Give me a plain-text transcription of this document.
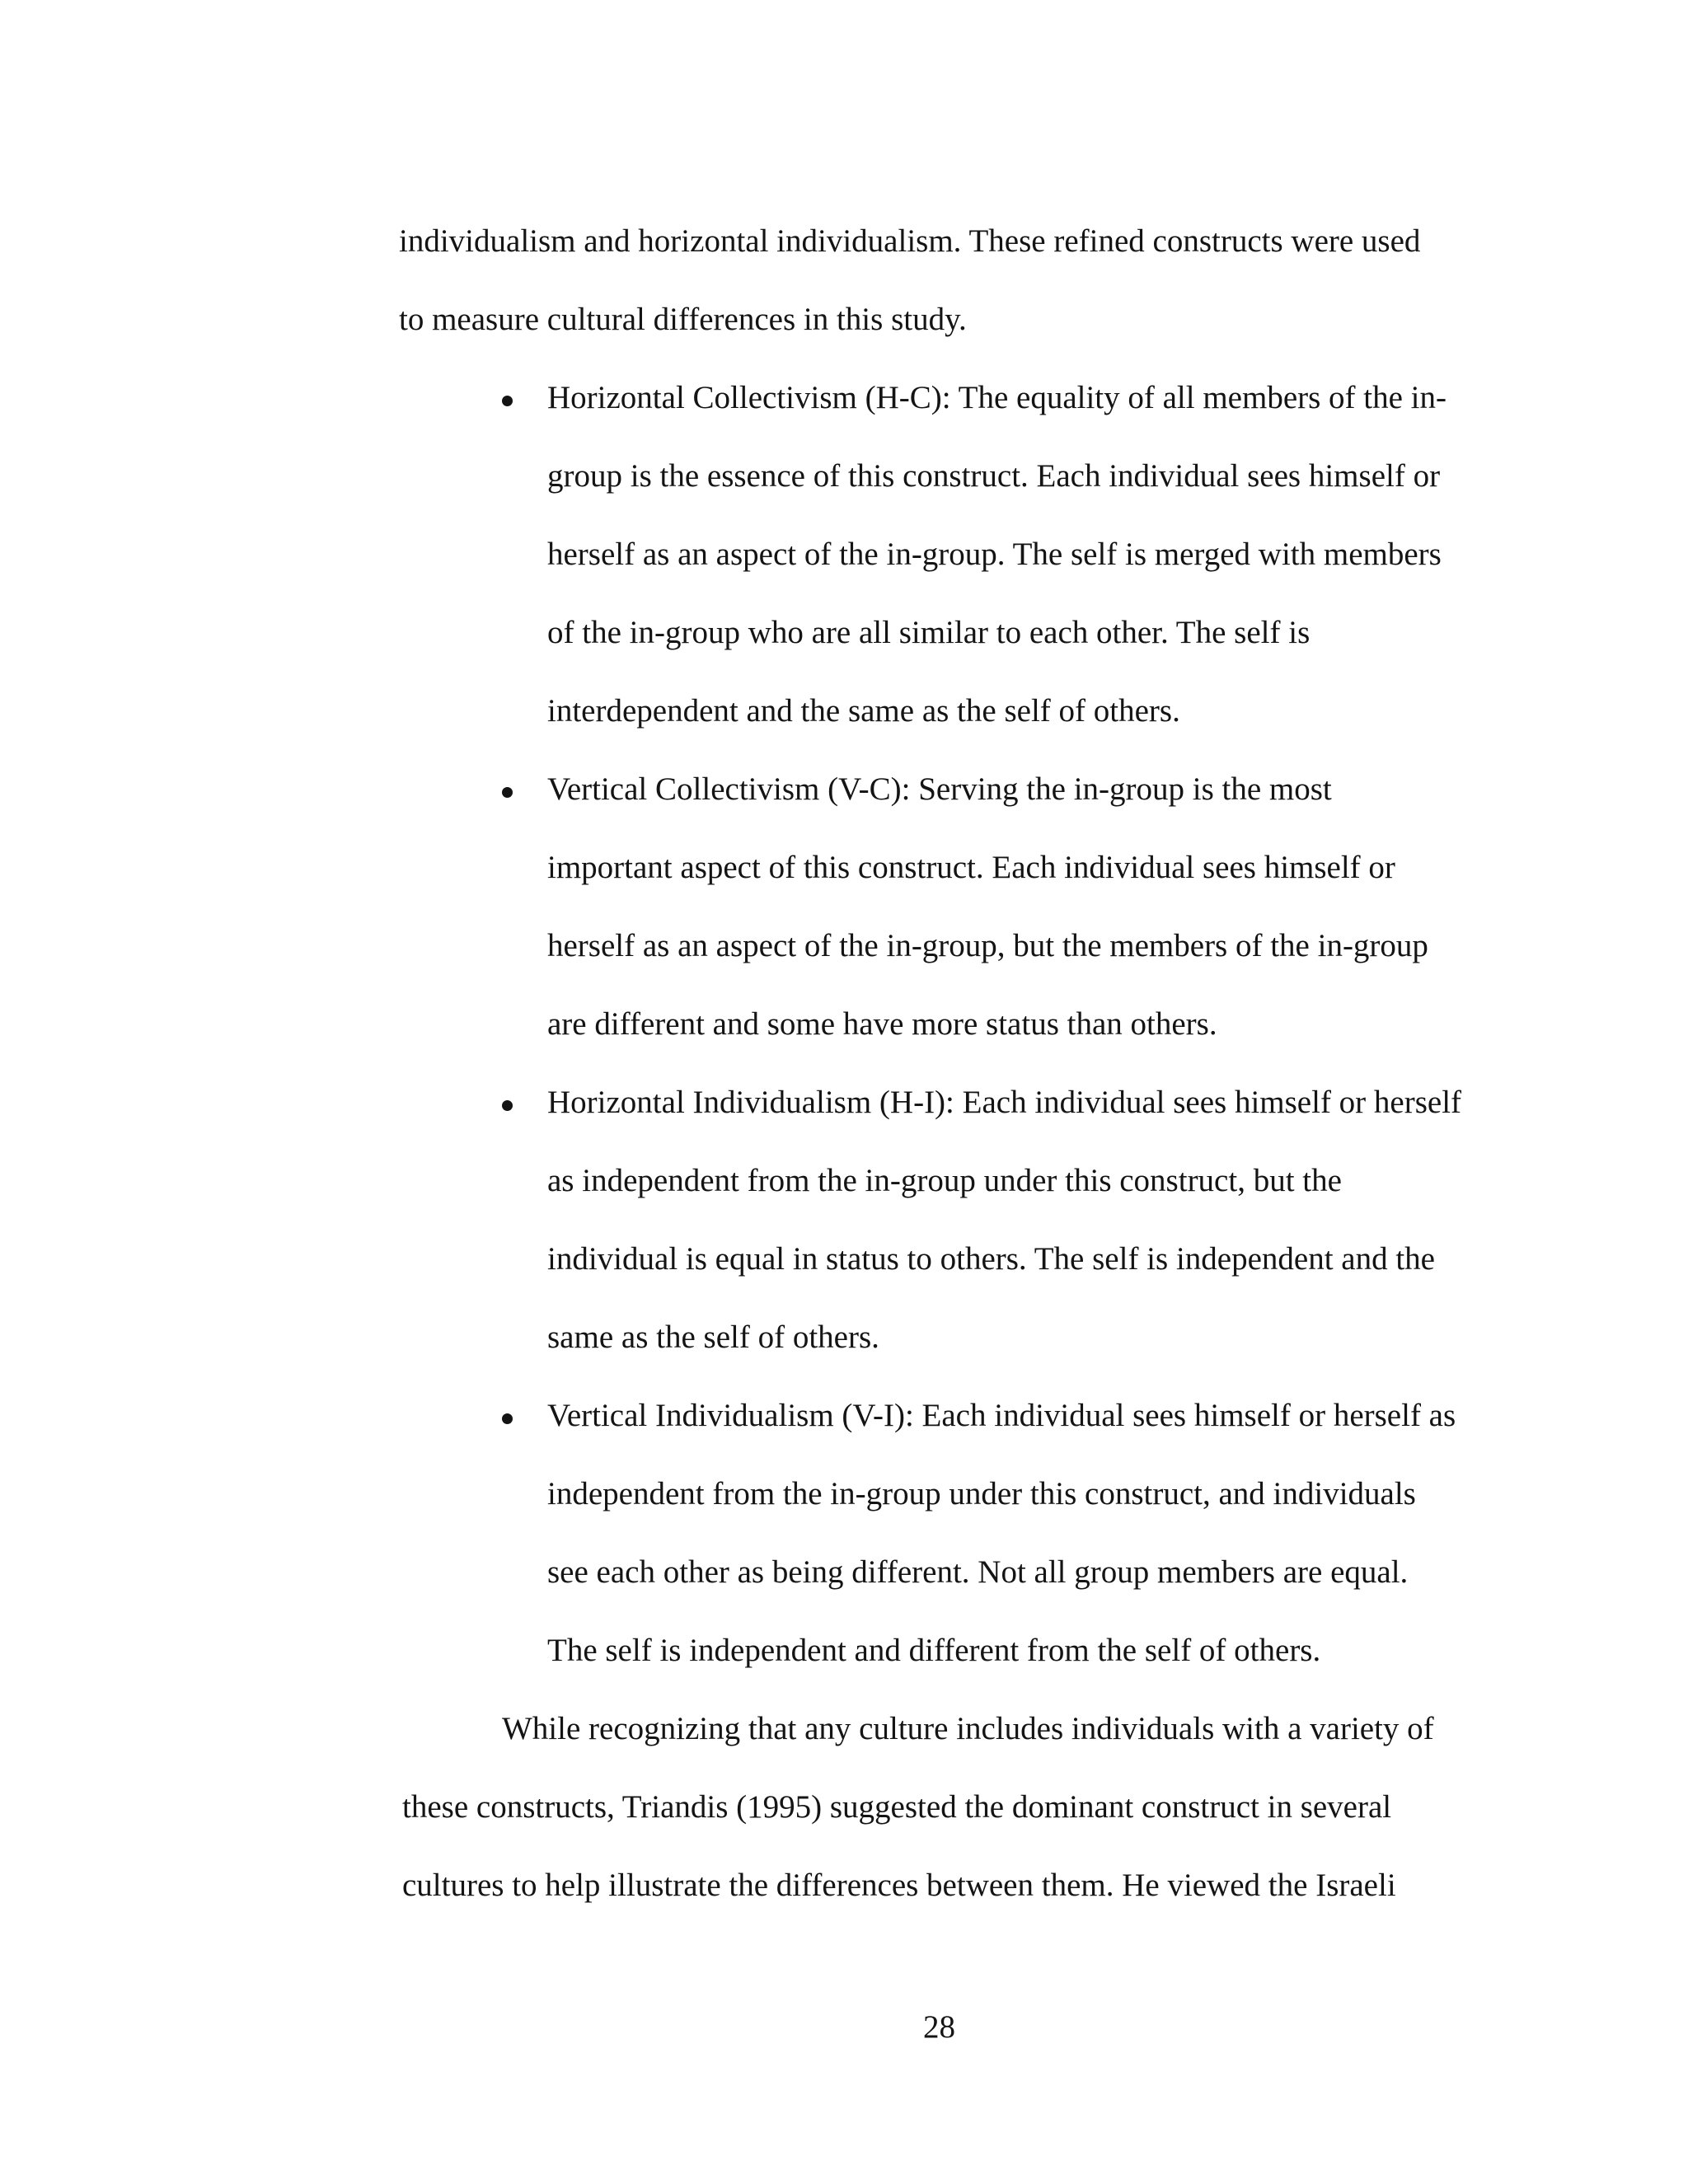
individualism and horizontal individualism. These refined constructs were used
to measure cultural differences in this study.
Horizontal Collectivism (H-C): The equality of all members of the in-
group is the essence of this construct. Each individual sees himself or
herself as an aspect of the in-group. The self is merged with members
of the in-group who are all similar to each other. The self is
interdependent and the same as the self of others.
Vertical Collectivism (V-C): Serving the in-group is the most
important aspect of this construct. Each individual sees himself or
herself as an aspect of the in-group, but the members of the in-group
are different and some have more status than others.
Horizontal Individualism (H-I): Each individual sees himself or herself
as independent from the in-group under this construct, but the
individual is equal in status to others. The self is independent and the
same as the self of others.
Vertical Individualism (V-I): Each individual sees himself or herself as
independent from the in-group under this construct, and individuals
see each other as being different. Not all group members are equal.
The self is independent and different from the self of others.
While recognizing that any culture includes individuals with a variety of
these constructs, Triandis (1995) suggested the dominant construct in several
cultures to help illustrate the differences between them. He viewed the Israeli
28
